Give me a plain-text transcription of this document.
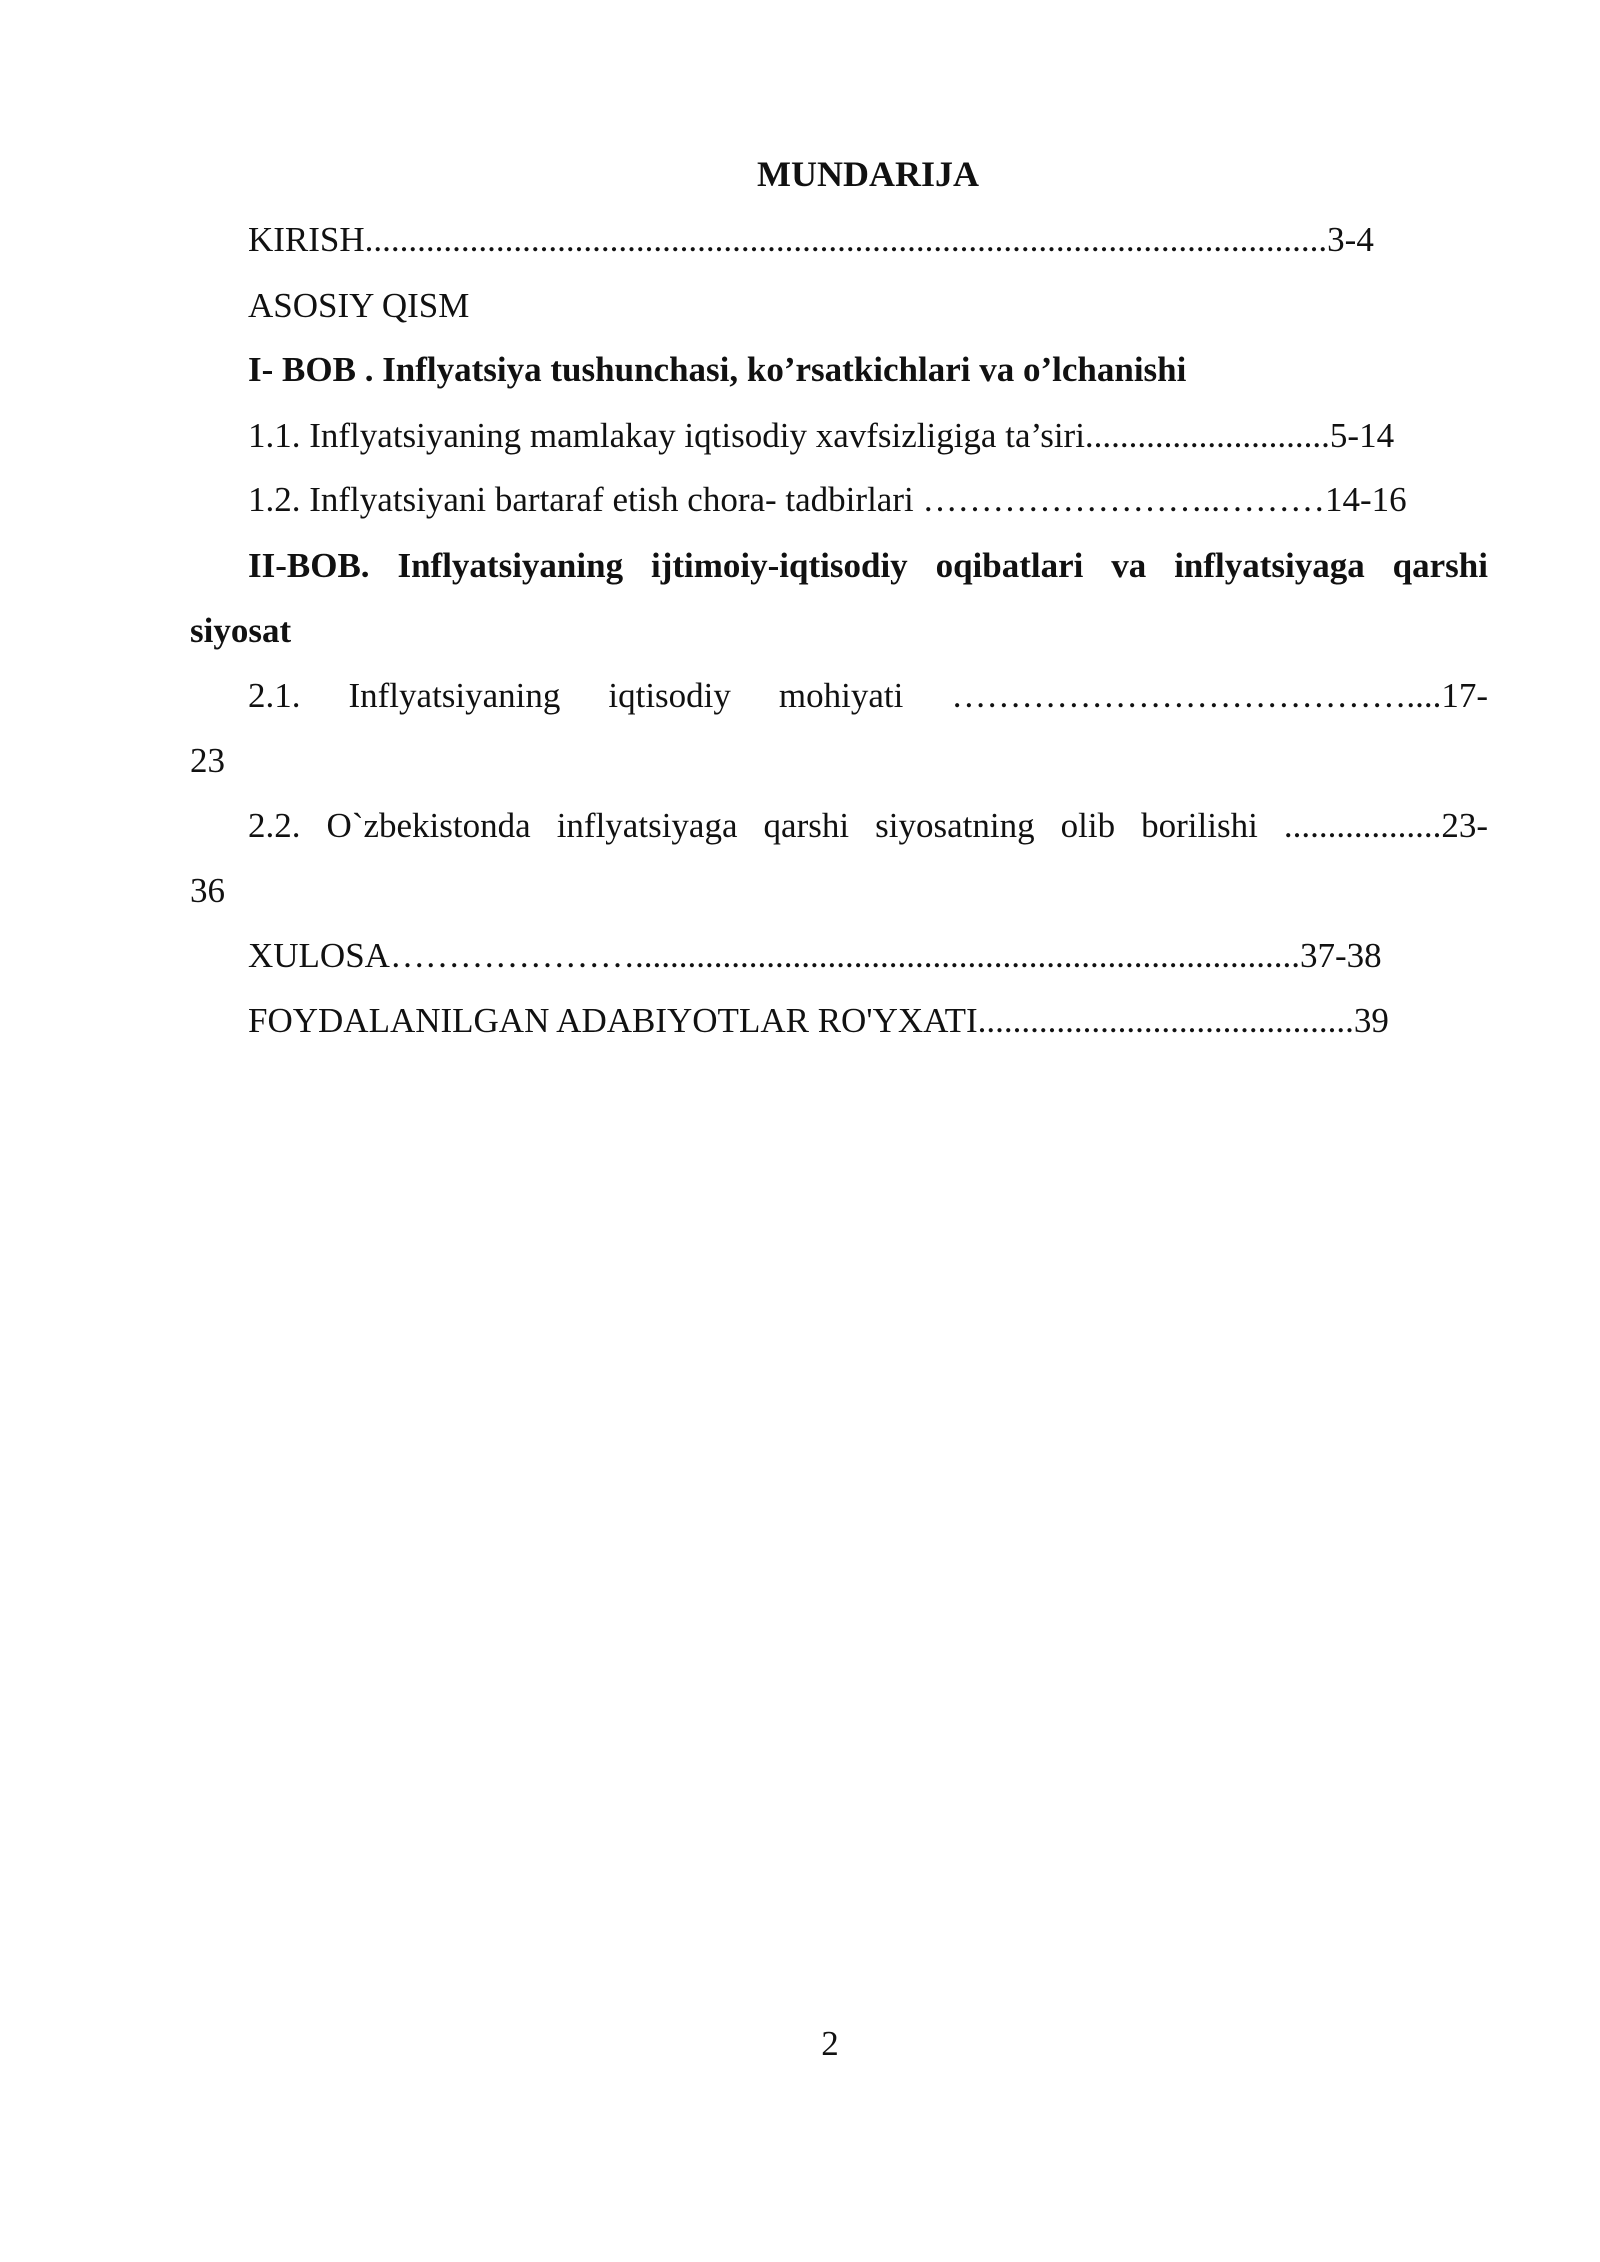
MUNDARIJA
KIRISH..............................................................................................................3-4
ASOSIY QISM
I- BOB . Inflyatsiya tushunchasi, ko’rsatkichlari va o’lchanishi
1.1. Inflyatsiyaning mamlakay iqtisodiy xavfsizligiga ta’siri............................5-14
1.2. Inflyatsiyani bartaraf etish chora- tadbirlari ……………………..………14-16
II-BOB. Inflyatsiyaning ijtimoiy-iqtisodiy oqibatlari va inflyatsiyaga qarshi
siyosat
2.1. Inflyatsiyaning iqtisodiy mohiyati …………………………………....17-
23
2.2. O`zbekistonda inflyatsiyaga qarshi siyosatning olib borilishi ..................23-
36
XULOSA…………………............................................................................37-38
FOYDALANILGAN ADABIYOTLAR RO'YXATI...........................................39
2
